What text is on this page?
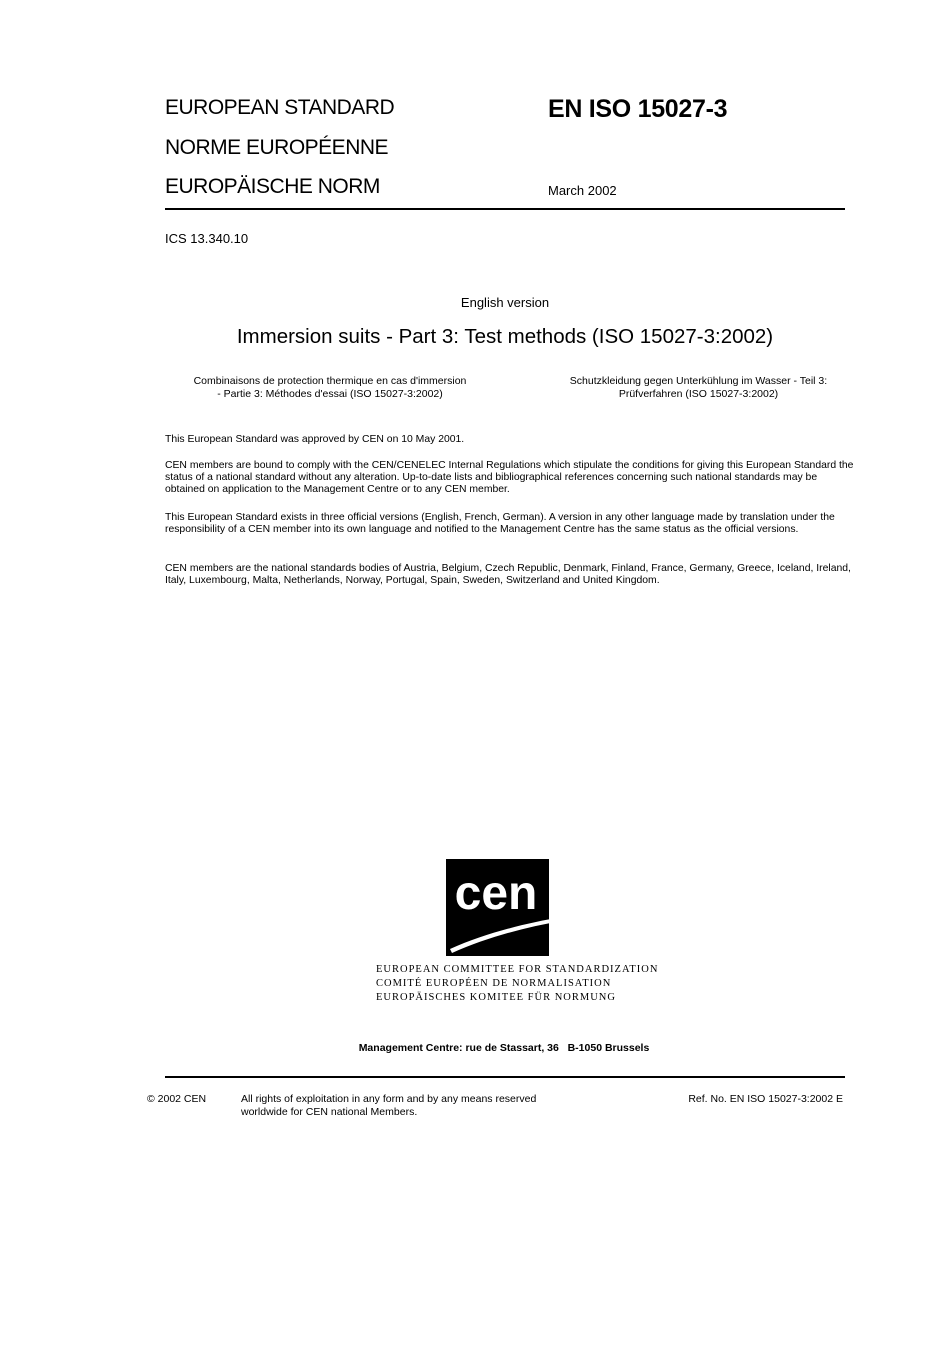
EUROPEAN STANDARD
NORME EUROPÉENNE
EUROPÄISCHE NORM
EN ISO 15027-3
March 2002
ICS 13.340.10
English version
Immersion suits - Part 3: Test methods (ISO 15027-3:2002)
Combinaisons de protection thermique en cas d'immersion
- Partie 3: Méthodes d'essai (ISO 15027-3:2002)
Schutzkleidung gegen Unterkühlung im Wasser - Teil 3:
Prüfverfahren (ISO 15027-3:2002)
This European Standard was approved by CEN on 10 May 2001.
CEN members are bound to comply with the CEN/CENELEC Internal Regulations which stipulate the conditions for giving this European Standard the status of a national standard without any alteration. Up-to-date lists and bibliographical references concerning such national standards may be obtained on application to the Management Centre or to any CEN member.
This European Standard exists in three official versions (English, French, German). A version in any other language made by translation under the responsibility of a CEN member into its own language and notified to the Management Centre has the same status as the official versions.
CEN members are the national standards bodies of Austria, Belgium, Czech Republic, Denmark, Finland, France, Germany, Greece, Iceland, Ireland, Italy, Luxembourg, Malta, Netherlands, Norway, Portugal, Spain, Sweden, Switzerland and United Kingdom.
cen
EUROPEAN COMMITTEE FOR STANDARDIZATION
COMITÉ EUROPÉEN DE NORMALISATION
EUROPÄISCHES KOMITEE FÜR NORMUNG
Management Centre: rue de Stassart, 36   B-1050 Brussels
© 2002 CEN	All rights of exploitation in any form and by any means reserved
worldwide for CEN national Members.
Ref. No. EN ISO 15027-3:2002 E
